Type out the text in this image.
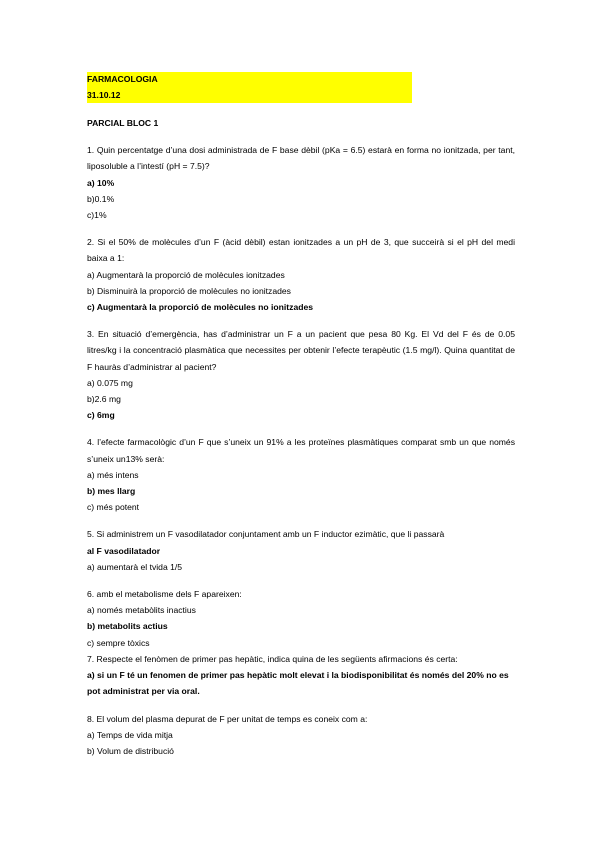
FARMACOLOGIA
31.10.12
PARCIAL BLOC 1
1. Quin percentatge d’una dosi administrada de F base dèbil (pKa = 6.5) estarà en forma no ionitzada, per tant, liposoluble a l’intestí (pH = 7.5)?
a) 10%
b)0.1%
c)1%
2. Si el 50% de molècules d’un F (àcid dèbil) estan ionitzades a un pH de 3, que succeirà si el pH del medi baixa a 1:
a) Augmentarà la proporció de molècules ionitzades
b) Disminuirà la proporció de molècules no ionitzades
c) Augmentarà la proporció de molècules no ionitzades
3. En situació d’emergència, has d’administrar un F a un pacient que pesa 80 Kg. El Vd del F és de 0.05 litres/kg i la concentració plasmàtica que necessites per obtenir l’efecte terapèutic (1.5 mg/l). Quina quantitat de F hauràs d’administrar al pacient?
a) 0.075 mg
b)2.6 mg
c) 6mg
4. l’efecte farmacològic d’un F que s’uneix un 91% a les proteïnes plasmàtiques comparat smb un que només s’uneix un13% serà:
a) més intens
b) mes llarg
c) més potent
5. Si administrem un F vasodilatador conjuntament amb un F inductor ezimàtic, que li passarà
al F vasodilatador
a) aumentarà el tvida 1/5
6. amb el metabolisme dels F apareixen:
a) només metabòlits inactius
b) metabolits actius
c) sempre tòxics
7. Respecte el fenòmen de primer pas hepàtic, indica quina de les següents afirmacions és certa:
a) si un F té un fenomen de primer pas hepàtic molt elevat i la biodisponibilitat és només del 20% no es pot administrat per via oral.
8. El volum del plasma depurat de F per unitat de temps es coneix com a:
a) Temps de vida mitja
b) Volum de distribució
